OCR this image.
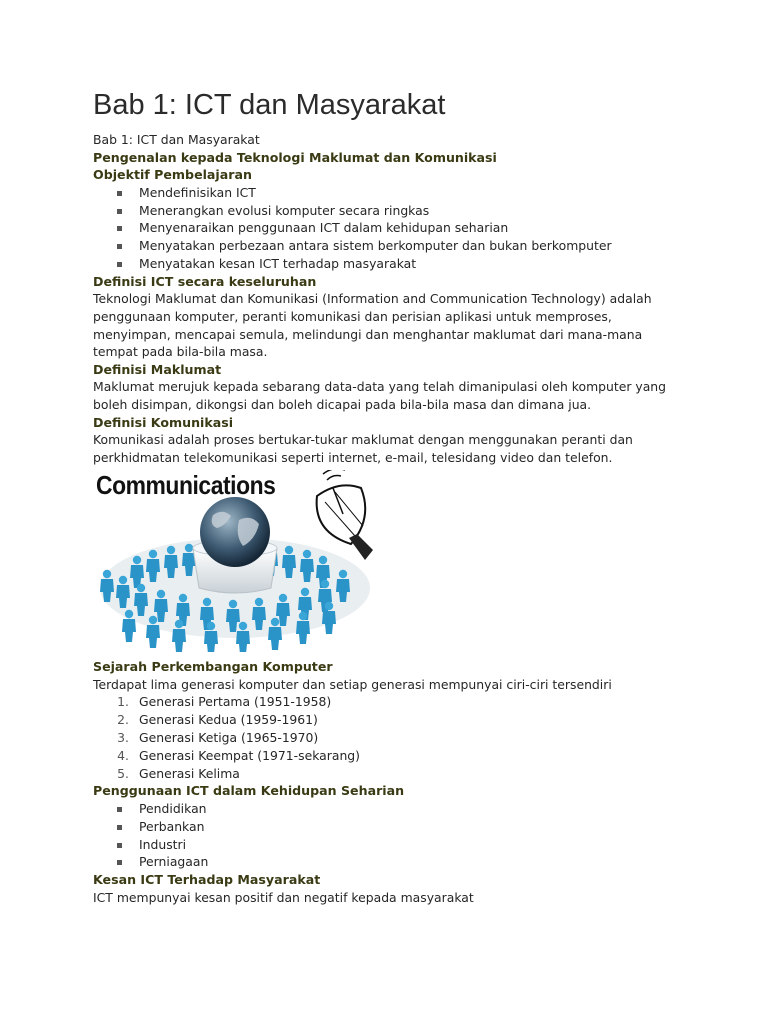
Bab 1: ICT dan Masyarakat

Bab 1: ICT dan Masyarakat

Pengenalan kepada Teknologi Maklumat dan Komunikasi

Objektif Pembelajaran

Mendefinisikan ICT
Menerangkan evolusi komputer secara ringkas
Menyenaraikan penggunaan ICT dalam kehidupan seharian
Menyatakan perbezaan antara sistem berkomputer dan bukan berkomputer
Menyatakan kesan ICT terhadap masyarakat

Definisi ICT secara keseluruhan

Teknologi Maklumat dan Komunikasi (Information and Communication Technology) adalah penggunaan komputer, peranti komunikasi dan perisian aplikasi untuk memproses, menyimpan, mencapai semula, melindungi dan menghantar maklumat dari mana-mana tempat pada bila-bila masa.

Definisi Maklumat

Maklumat merujuk kepada sebarang data-data yang telah dimanipulasi oleh komputer yang boleh disimpan, dikongsi dan boleh dicapai pada bila-bila masa dan dimana jua.

Definisi Komunikasi

Komunikasi adalah proses bertukar-tukar maklumat dengan menggunakan peranti dan perkhidmatan telekomunikasi seperti internet, e-mail, telesidang video dan telefon.

Communications

Sejarah Perkembangan Komputer

Terdapat lima generasi komputer dan setiap generasi mempunyai ciri-ciri tersendiri

1. Generasi Pertama (1951-1958)
2. Generasi Kedua (1959-1961)
3. Generasi Ketiga (1965-1970)
4. Generasi Keempat (1971-sekarang)
5. Generasi Kelima

Penggunaan ICT dalam Kehidupan Seharian

Pendidikan
Perbankan
Industri
Perniagaan

Kesan ICT Terhadap Masyarakat

ICT mempunyai kesan positif dan negatif kepada masyarakat
